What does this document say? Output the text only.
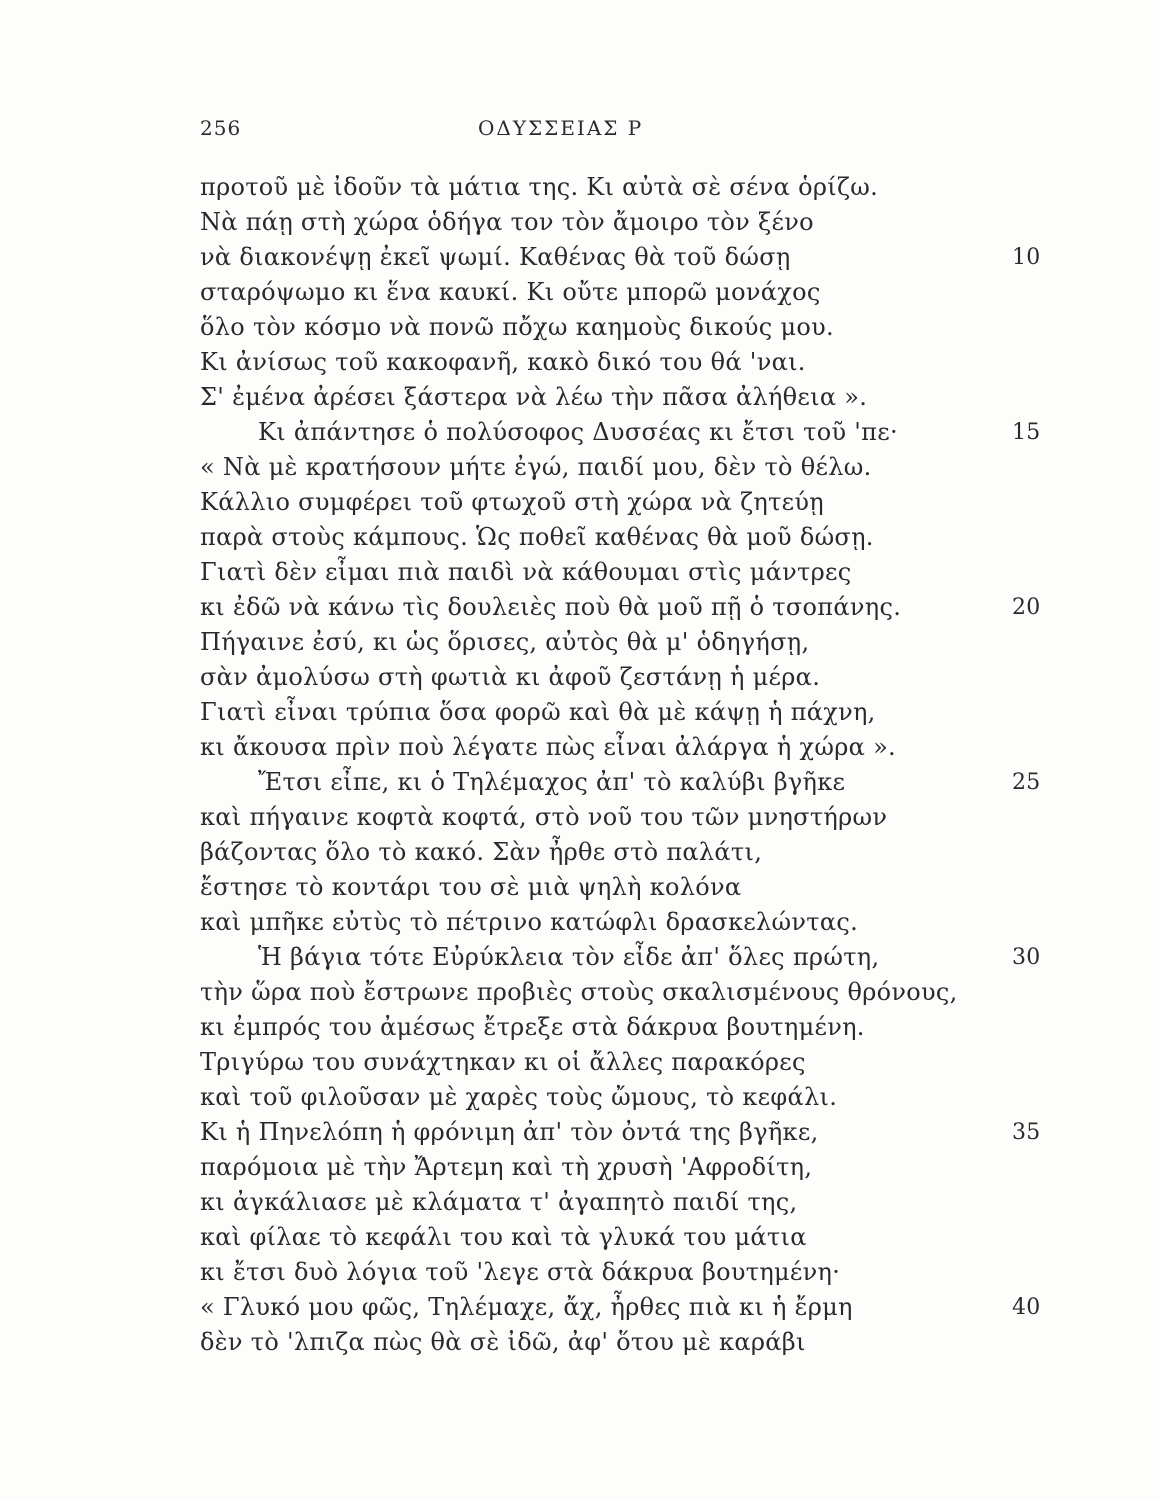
256	ΟΔΥΣΣΕΙΑΣ Ρ
προτοῦ μὲ ἰδοῦν τὰ μάτια της. Κι αὐτὰ σὲ σένα ὁρίζω.
Νὰ πάῃ στὴ χώρα ὁδήγα τον τὸν ἄμοιρο τὸν ξένο
νὰ διακονέψῃ ἐκεῖ ψωμί. Καθένας θὰ τοῦ δώσῃ	10
σταρόψωμο κι ἕνα καυκί. Κι οὔτε μπορῶ μονάχος
ὅλο τὸν κόσμο νὰ πονῶ πὄχω καημοὺς δικούς μου.
Κι ἀνίσως τοῦ κακοφανῆ, κακὸ δικό του θά 'ναι.
Σ' ἐμένα ἀρέσει ξάστερα νὰ λέω τὴν πᾶσα ἀλήθεια ».
Κι ἀπάντησε ὁ πολύσοφος Δυσσέας κι ἔτσι τοῦ 'πε·	15
« Νὰ μὲ κρατήσουν μήτε ἐγώ, παιδί μου, δὲν τὸ θέλω.
Κάλλιο συμφέρει τοῦ φτωχοῦ στὴ χώρα νὰ ζητεύῃ
παρὰ στοὺς κάμπους. Ὡς ποθεῖ καθένας θὰ μοῦ δώσῃ.
Γιατὶ δὲν εἶμαι πιὰ παιδὶ νὰ κάθουμαι στὶς μάντρες
κι ἐδῶ νὰ κάνω τὶς δουλειὲς ποὺ θὰ μοῦ πῇ ὁ τσοπάνης.	20
Πήγαινε ἐσύ, κι ὡς ὅρισες, αὐτὸς θὰ μ' ὁδηγήσῃ,
σὰν ἀμολύσω στὴ φωτιὰ κι ἀφοῦ ζεστάνῃ ἡ μέρα.
Γιατὶ εἶναι τρύπια ὅσα φορῶ καὶ θὰ μὲ κάψῃ ἡ πάχνη,
κι ἄκουσα πρὶν ποὺ λέγατε πὼς εἶναι ἀλάργα ἡ χώρα ».
Ἔτσι εἶπε, κι ὁ Τηλέμαχος ἀπ' τὸ καλύβι βγῆκε	25
καὶ πήγαινε κοφτὰ κοφτά, στὸ νοῦ του τῶν μνηστήρων
βάζοντας ὅλο τὸ κακό. Σὰν ἦρθε στὸ παλάτι,
ἔστησε τὸ κοντάρι του σὲ μιὰ ψηλὴ κολόνα
καὶ μπῆκε εὐτὺς τὸ πέτρινο κατώφλι δρασκελώντας.
Ἡ βάγια τότε Εὐρύκλεια τὸν εἶδε ἀπ' ὅλες πρώτη,	30
τὴν ὥρα ποὺ ἔστρωνε προβιὲς στοὺς σκαλισμένους θρόνους,
κι ἐμπρός του ἀμέσως ἔτρεξε στὰ δάκρυα βουτημένη.
Τριγύρω του συνάχτηκαν κι οἱ ἄλλες παρακόρες
καὶ τοῦ φιλοῦσαν μὲ χαρὲς τοὺς ὤμους, τὸ κεφάλι.
Κι ἡ Πηνελόπη ἡ φρόνιμη ἀπ' τὸν ὀντά της βγῆκε,	35
παρόμοια μὲ τὴν Ἄρτεμη καὶ τὴ χρυσὴ 'Αφροδίτη,
κι ἀγκάλιασε μὲ κλάματα τ' ἀγαπητὸ παιδί της,
καὶ φίλαε τὸ κεφάλι του καὶ τὰ γλυκά του μάτια
κι ἔτσι δυὸ λόγια τοῦ 'λεγε στὰ δάκρυα βουτημένη·
« Γλυκό μου φῶς, Τηλέμαχε, ἄχ, ἦρθες πιὰ κι ἡ ἔρμη	40
δὲν τὸ 'λπιζα πὼς θὰ σὲ ἰδῶ, ἀφ' ὅτου μὲ καράβι
